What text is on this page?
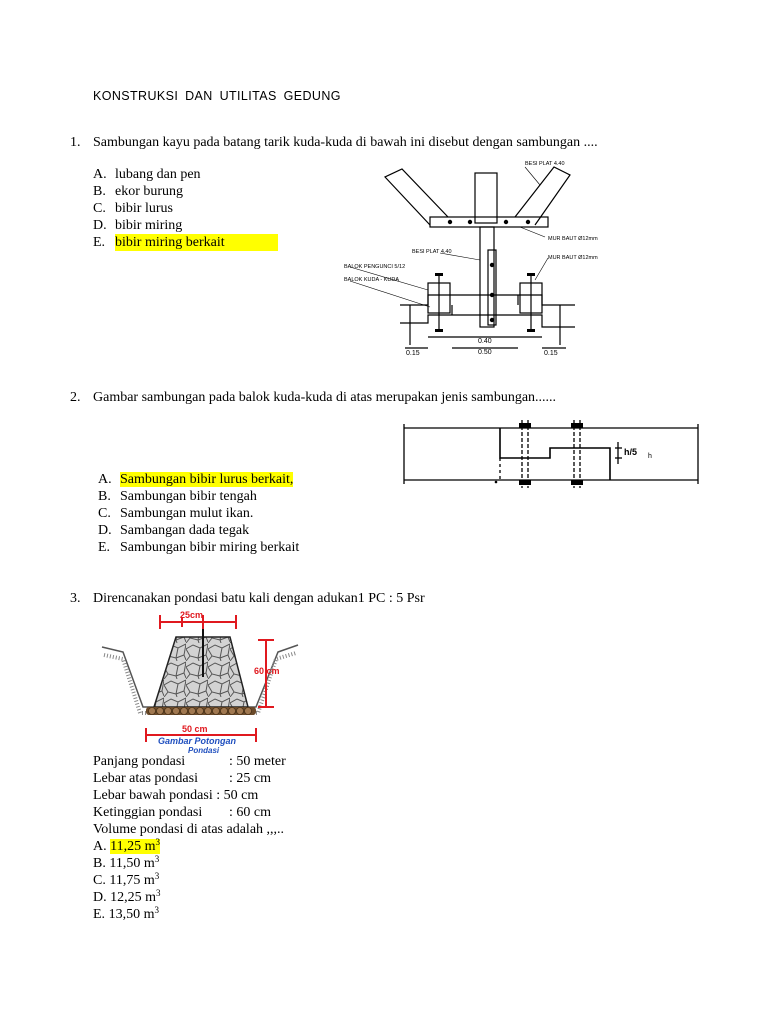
KONSTRUKSI DAN UTILITAS GEDUNG
1. Sambungan kayu pada batang tarik kuda-kuda di bawah ini disebut dengan sambungan ....
A. lubang dan pen
B. ekor burung
C. bibir lurus
D. bibir miring
E. bibir miring berkait
BESI PLAT 4.40
MUR BAUT Ø12mm
BESI PLAT 4.40
BALOK PENGUNCI 5/12
BALOK KUDA - KUDA
MUR BAUT Ø12mm
0.40
0.50
0.15	0.15
2. Gambar sambungan pada balok kuda-kuda di atas merupakan jenis sambungan......
h/5 h
A. Sambungan bibir lurus berkait,
B. Sambungan bibir tengah
C. Sambungan mulut ikan.
D. Sambangan dada tegak
E. Sambungan bibir miring berkait
3. Direncanakan pondasi batu kali dengan adukan1 PC : 5 Psr
25cm
60 cm
50 cm
Gambar Potongan
Pondasi
Panjang pondasi	: 50 meter
Lebar atas pondasi : 25 cm
Lebar bawah pondasi : 50 cm
Ketinggian pondasi : 60 cm
Volume pondasi di atas adalah ,,,..
A. 11,25 $m^3$
B. 11,50 $m^3$
C. 11,75 $m^3$
D. 12,25 $m^3$
E. 13,50 $m^3$
